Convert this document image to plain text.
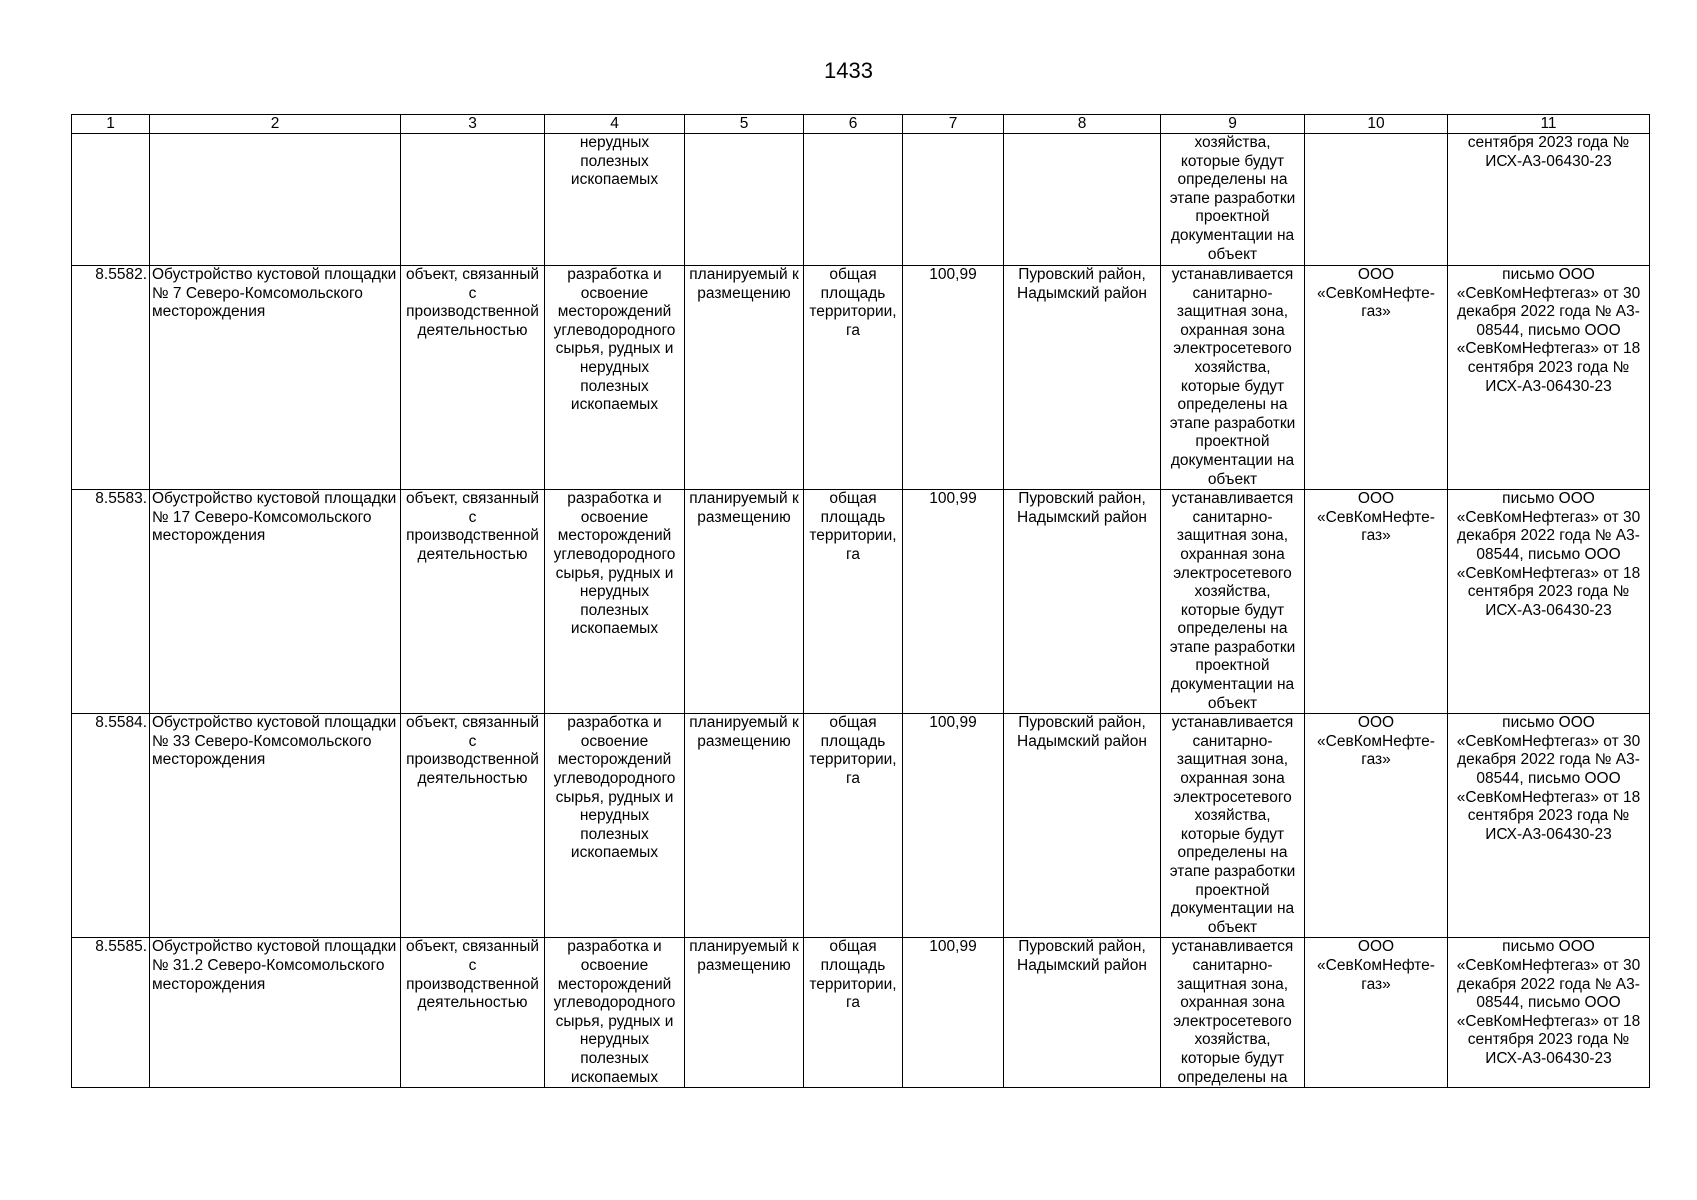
1433
1	2	3	4	5	6	7	8	9	10	11
			нерудных полезных ископаемых					хозяйства, которые будут определены на этапе разработки проектной документации на объект		сентября 2023 года № ИСХ-А3-06430-23
8.5582.	Обустройство кустовой площадки № 7 Северо-Комсомольского месторождения	объект, связанный с производственной деятельностью	разработка и освоение месторождений углеводородного сырья, рудных и нерудных полезных ископаемых	планируемый к размещению	общая площадь территории, га	100,99	Пуровский район, Надымский район	устанавливается санитарно-защитная зона, охранная зона электросетевого хозяйства, которые будут определены на этапе разработки проектной документации на объект	ООО «СевКомНефте-газ»	письмо ООО «СевКомНефтегаз» от 30 декабря 2022 года № А3-08544, письмо ООО «СевКомНефтегаз» от 18 сентября 2023 года № ИСХ-А3-06430-23
8.5583.	Обустройство кустовой площадки № 17 Северо-Комсомольского месторождения	объект, связанный с производственной деятельностью	разработка и освоение месторождений углеводородного сырья, рудных и нерудных полезных ископаемых	планируемый к размещению	общая площадь территории, га	100,99	Пуровский район, Надымский район	устанавливается санитарно-защитная зона, охранная зона электросетевого хозяйства, которые будут определены на этапе разработки проектной документации на объект	ООО «СевКомНефте-газ»	письмо ООО «СевКомНефтегаз» от 30 декабря 2022 года № А3-08544, письмо ООО «СевКомНефтегаз» от 18 сентября 2023 года № ИСХ-А3-06430-23
8.5584.	Обустройство кустовой площадки № 33 Северо-Комсомольского месторождения	объект, связанный с производственной деятельностью	разработка и освоение месторождений углеводородного сырья, рудных и нерудных полезных ископаемых	планируемый к размещению	общая площадь территории, га	100,99	Пуровский район, Надымский район	устанавливается санитарно-защитная зона, охранная зона электросетевого хозяйства, которые будут определены на этапе разработки проектной документации на объект	ООО «СевКомНефте-газ»	письмо ООО «СевКомНефтегаз» от 30 декабря 2022 года № А3-08544, письмо ООО «СевКомНефтегаз» от 18 сентября 2023 года № ИСХ-А3-06430-23
8.5585.	Обустройство кустовой площадки № 31.2 Северо-Комсомольского месторождения	объект, связанный с производственной деятельностью	разработка и освоение месторождений углеводородного сырья, рудных и нерудных полезных ископаемых	планируемый к размещению	общая площадь территории, га	100,99	Пуровский район, Надымский район	устанавливается санитарно-защитная зона, охранная зона электросетевого хозяйства, которые будут определены на	ООО «СевКомНефте-газ»	письмо ООО «СевКомНефтегаз» от 30 декабря 2022 года № А3-08544, письмо ООО «СевКомНефтегаз» от 18 сентября 2023 года № ИСХ-А3-06430-23
